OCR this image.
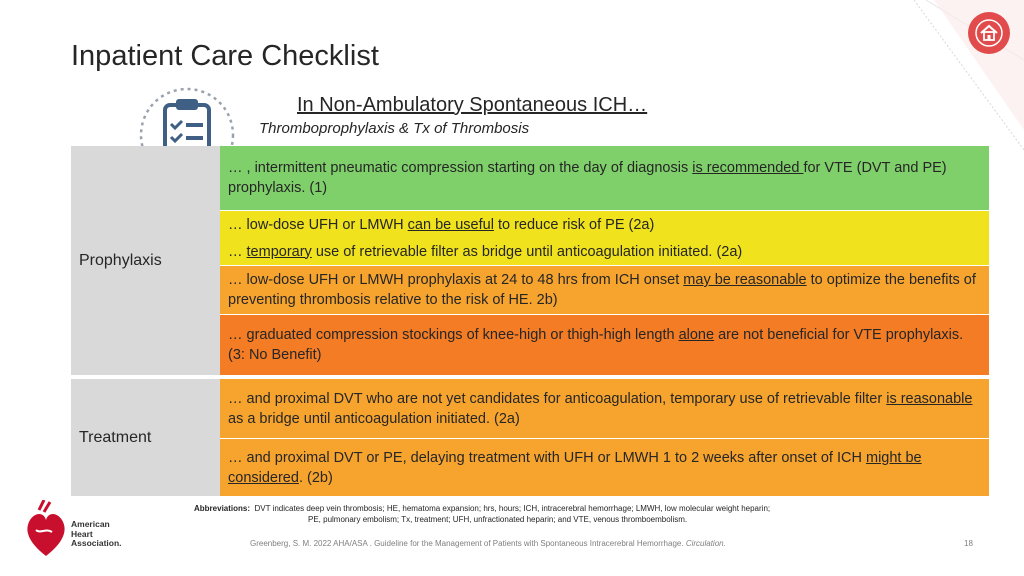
Inpatient Care Checklist
In Non-Ambulatory Spontaneous ICH…
Thromboprophylaxis & Tx of Thrombosis
Prophylaxis
… , intermittent pneumatic compression starting on the day of diagnosis is recommended for VTE (DVT and PE) prophylaxis. (1)
… low-dose UFH or LMWH can be useful to reduce risk of PE (2a)
… temporary use of retrievable filter as bridge until anticoagulation initiated. (2a)
… low-dose UFH or LMWH prophylaxis at 24 to 48 hrs from ICH onset may be reasonable to optimize the benefits of preventing thrombosis relative to the risk of HE. 2b)
… graduated compression stockings of knee-high or thigh-high length alone are not beneficial for VTE prophylaxis. (3: No Benefit)
Treatment
… and proximal DVT who are not yet candidates for anticoagulation, temporary use of retrievable filter is reasonable as a bridge until anticoagulation initiated. (2a)
… and proximal DVT or PE, delaying treatment with UFH or LMWH 1 to 2 weeks after onset of ICH might be considered. (2b)
Abbreviations: DVT indicates deep vein thrombosis; HE, hematoma expansion; hrs, hours; ICH, intracerebral hemorrhage; LMWH, low molecular weight heparin;
PE, pulmonary embolism; Tx, treatment; UFH, unfractionated heparin; and VTE, venous thromboembolism.
American
Heart
Association.	Greenberg, S. M. 2022 AHA/ASA . Guideline for the Management of Patients with Spontaneous Intracerebral Hemorrhage. Circulation.	18
